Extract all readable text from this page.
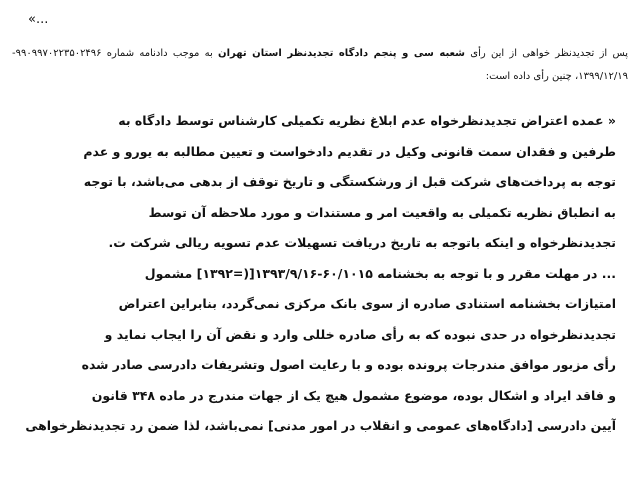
«...

پس از تجدیدنظر خواهی از این رأی شعبه سی و پنجم دادگاه تجدیدنظر استان تهران به موجب دادنامه شماره ۹۹۰۹۹۷۰۲۲۳۵۰۲۴۹۶- ۱۳۹۹/۱۲/۱۹، چنین رأی داده است:

« عمده اعتراض تجدیدنظرخواه عدم ابلاغ نظریه تکمیلی کارشناس توسط دادگاه به
طرفین و فقدان سمت قانونی وکیل در تقدیم دادخواست و تعیین مطالبه به یورو و عدم
توجه به پرداخت‌های شرکت قبل از ورشکستگی و تاریخ توقف از بدهی می‌باشد، با توجه
به انطباق نظریه تکمیلی به واقعیت امر و مستندات و مورد ملاحظه آن توسط
تجدیدنظرخواه و اینکه باتوجه به تاریخ دریافت تسهیلات عدم تسویه ریالی شرکت ت.
... در مهلت مقرر و با توجه به بخشنامه ۶۰/۱۰۱۵-۱۳۹۳/۹/۱۶[(=۱۳۹۲] مشمول
امتیازات بخشنامه استنادی صادره از سوی بانک مرکزی نمی‌گردد، بنابراین اعتراض
تجدیدنظرخواه در حدی نبوده که به رأی صادره خللی وارد و نقض آن را ایجاب نماید و
رأی مزبور موافق مندرجات پرونده بوده و با رعایت اصول وتشریفات دادرسی صادر شده
و فاقد ایراد و اشکال بوده، موضوع مشمول هیچ یک از جهات مندرج در ماده ۳۴۸ قانون
آیین دادرسی [دادگاه‌های عمومی و انقلاب در امور مدنی] نمی‌باشد، لذا ضمن رد تجدیدنظرخواهی
